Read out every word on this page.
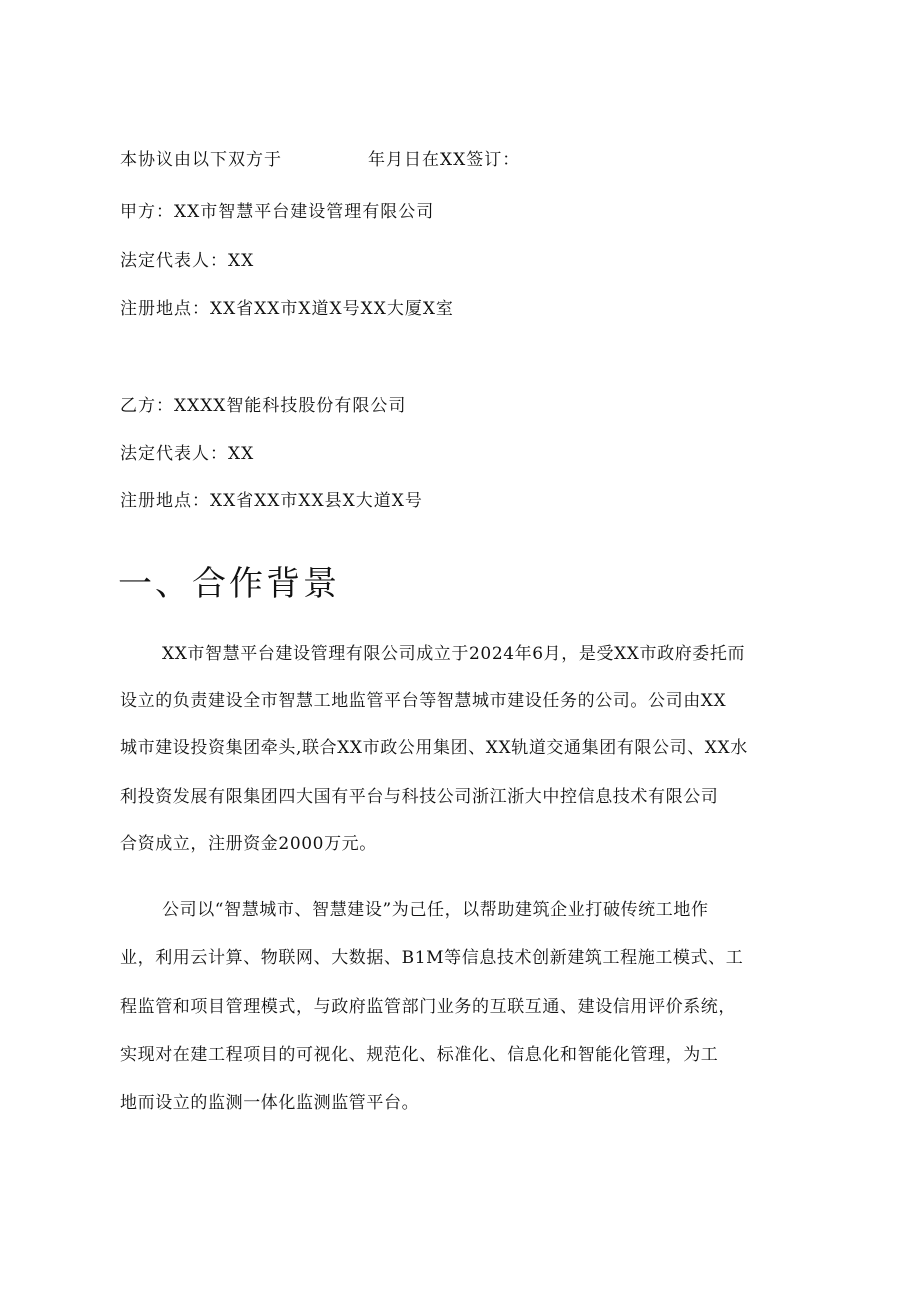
本协议由以下双方于	年月日在XX签订：
甲方：XX市智慧平台建设管理有限公司
法定代表人：XX
注册地点：XX省XX市X道X号XX大厦X室
乙方：XXXX智能科技股份有限公司
法定代表人：XX
注册地点：XX省XX市XX县X大道X号
一、合作背景
XX市智慧平台建设管理有限公司成立于2024年6月，是受XX市政府委托而
设立的负责建设全市智慧工地监管平台等智慧城市建设任务的公司。公司由XX
城市建设投资集团牵头,联合XX市政公用集团、XX轨道交通集团有限公司、XX水
利投资发展有限集团四大国有平台与科技公司浙江浙大中控信息技术有限公司
合资成立，注册资金2000万元。
公司以“智慧城市、智慧建设”为己任，以帮助建筑企业打破传统工地作
业，利用云计算、物联网、大数据、B1M等信息技术创新建筑工程施工模式、工
程监管和项目管理模式，与政府监管部门业务的互联互通、建设信用评价系统，
实现对在建工程项目的可视化、规范化、标准化、信息化和智能化管理，为工
地而设立的监测一体化监测监管平台。
